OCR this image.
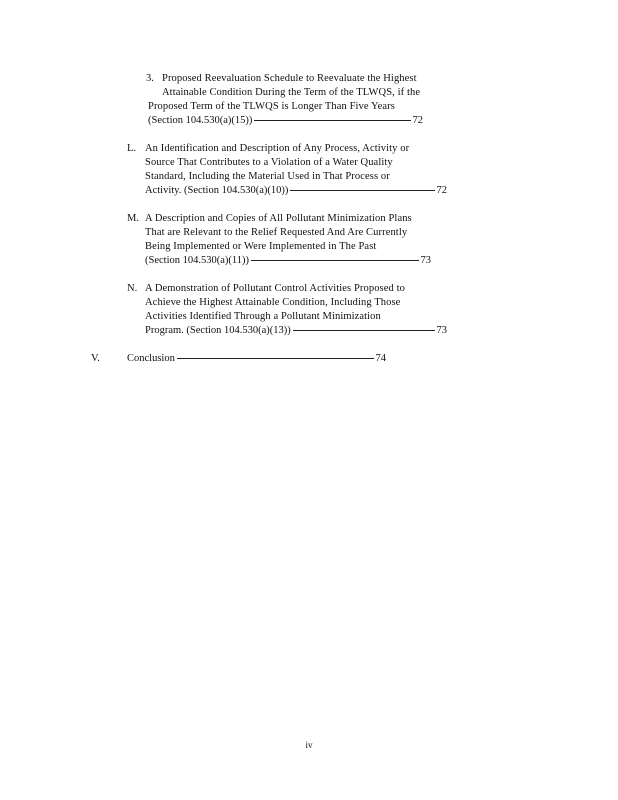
3. Proposed Reevaluation Schedule to Reevaluate the Highest
Attainable Condition During the Term of the TLWQS, if the
Proposed Term of the TLWQS is Longer Than Five Years
(Section 104.530(a)(15))	72
L. An Identification and Description of Any Process, Activity or
Source That Contributes to a Violation of a Water Quality
Standard, Including the Material Used in That Process or
Activity. (Section 104.530(a)(10))	72
M. A Description and Copies of All Pollutant Minimization Plans
That are Relevant to the Relief Requested And Are Currently
Being Implemented or Were Implemented in The Past
(Section 104.530(a)(11))	73
N. A Demonstration of Pollutant Control Activities Proposed to
Achieve the Highest Attainable Condition, Including Those
Activities Identified Through a Pollutant Minimization
Program. (Section 104.530(a)(13))	73
V.	Conclusion	74
iv
